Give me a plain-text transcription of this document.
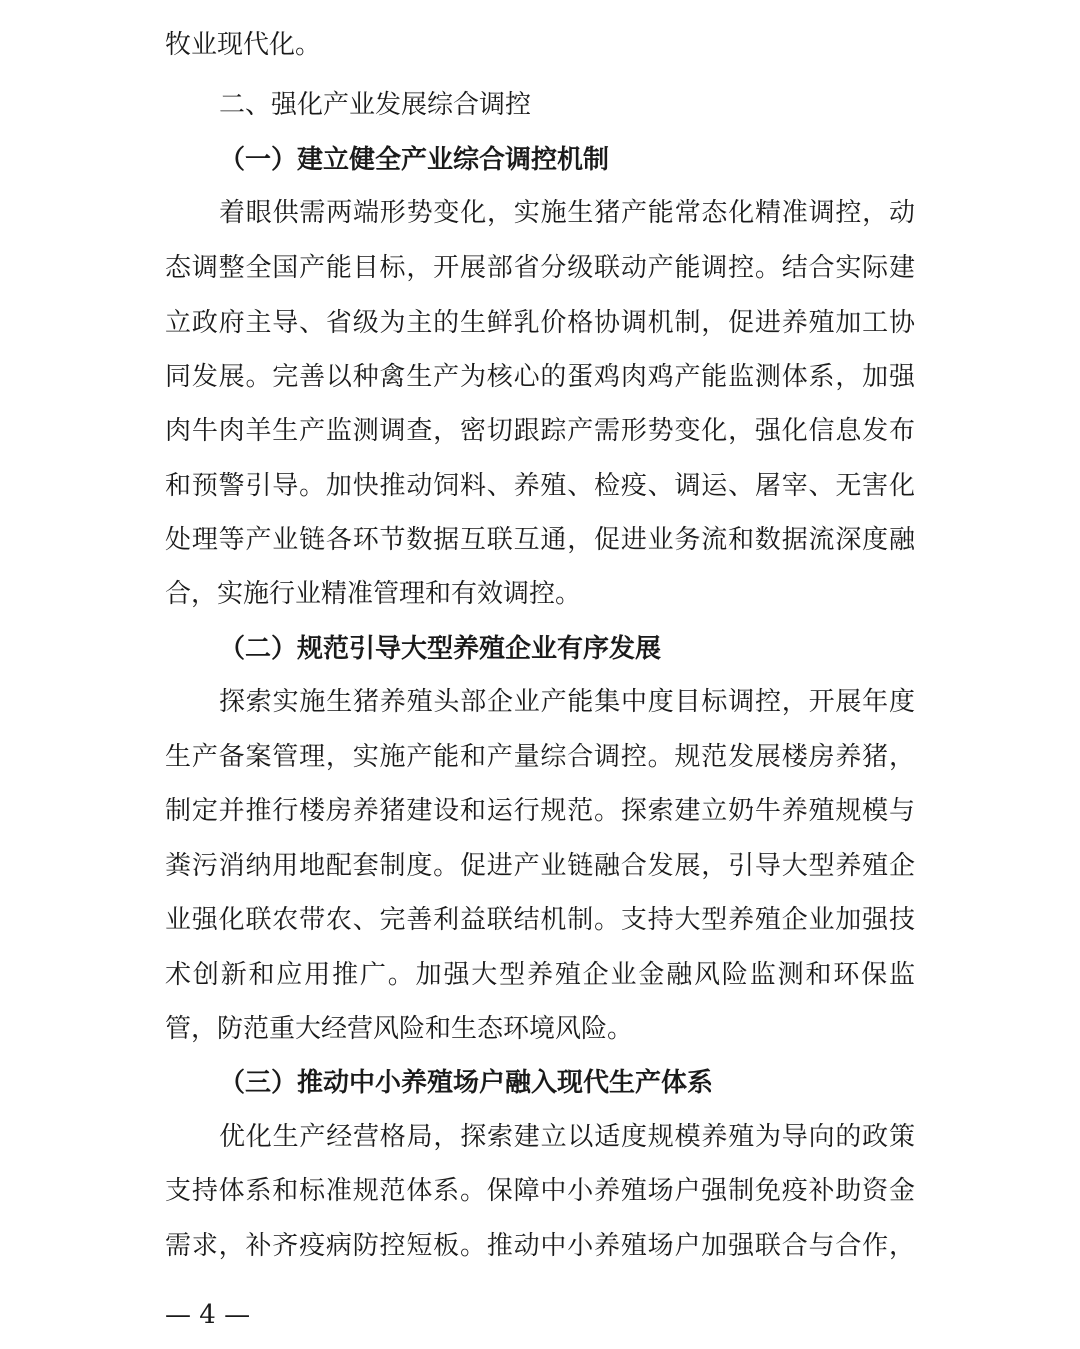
牧业现代化。
二、强化产业发展综合调控
（一）建立健全产业综合调控机制
着眼供需两端形势变化，实施生猪产能常态化精准调控，动
态调整全国产能目标，开展部省分级联动产能调控。结合实际建
立政府主导、省级为主的生鲜乳价格协调机制，促进养殖加工协
同发展。完善以种禽生产为核心的蛋鸡肉鸡产能监测体系，加强
肉牛肉羊生产监测调查，密切跟踪产需形势变化，强化信息发布
和预警引导。加快推动饲料、养殖、检疫、调运、屠宰、无害化
处理等产业链各环节数据互联互通，促进业务流和数据流深度融
合，实施行业精准管理和有效调控。
（二）规范引导大型养殖企业有序发展
探索实施生猪养殖头部企业产能集中度目标调控，开展年度
生产备案管理，实施产能和产量综合调控。规范发展楼房养猪，
制定并推行楼房养猪建设和运行规范。探索建立奶牛养殖规模与
粪污消纳用地配套制度。促进产业链融合发展，引导大型养殖企
业强化联农带农、完善利益联结机制。支持大型养殖企业加强技
术创新和应用推广。加强大型养殖企业金融风险监测和环保监
管，防范重大经营风险和生态环境风险。
（三）推动中小养殖场户融入现代生产体系
优化生产经营格局，探索建立以适度规模养殖为导向的政策
支持体系和标准规范体系。保障中小养殖场户强制免疫补助资金
需求，补齐疫病防控短板。推动中小养殖场户加强联合与合作，
— 4 —
